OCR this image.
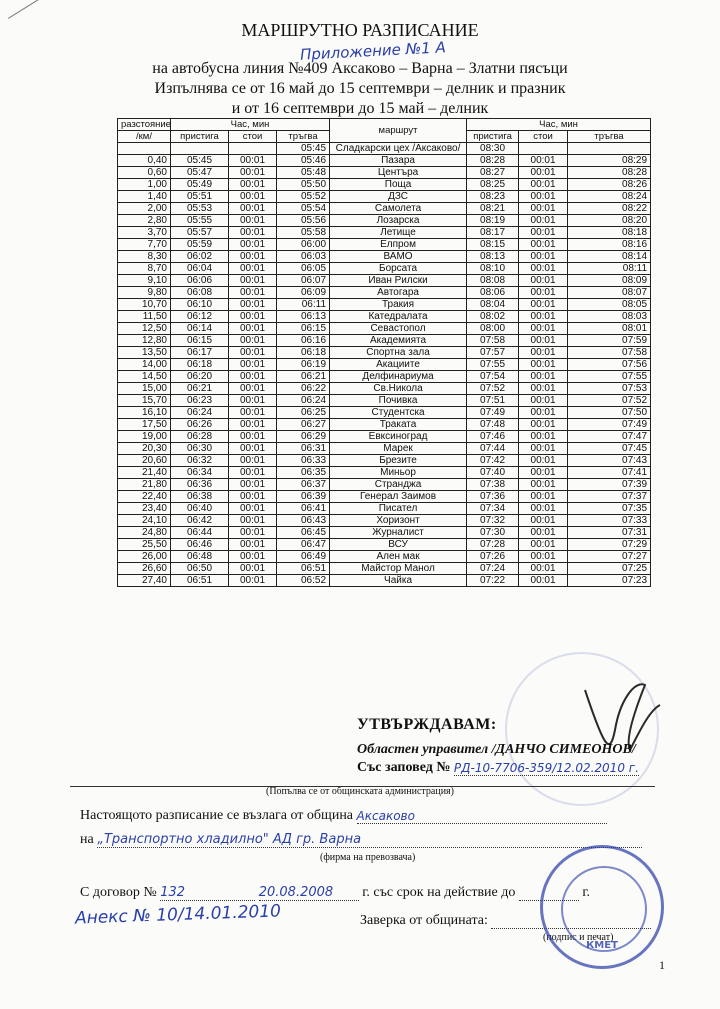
МАРШРУТНО РАЗПИСАНИЕ
Приложение №1 А
на автобусна линия №409 Аксаково – Варна – Златни пясъци
Изпълнява се от 16 май до 15 септември – делник и празник
и от 16 септември до 15 май – делник
разстояние	Час, мин			маршрут	Час, мин		
/км/	пристига	стои	тръгва		пристига	стои	тръгва
			05:45	Сладкарски цех /Аксаково/	08:30		
0,40	05:45	00:01	05:46	Пазара	08:28	00:01	08:29
0,60	05:47	00:01	05:48	Центъра	08:27	00:01	08:28
1,00	05:49	00:01	05:50	Поща	08:25	00:01	08:26
1,40	05:51	00:01	05:52	ДЗС	08:23	00:01	08:24
2,00	05:53	00:01	05:54	Самолета	08:21	00:01	08:22
2,80	05:55	00:01	05:56	Лозарска	08:19	00:01	08:20
3,70	05:57	00:01	05:58	Летище	08:17	00:01	08:18
7,70	05:59	00:01	06:00	Елпром	08:15	00:01	08:16
8,30	06:02	00:01	06:03	ВАМО	08:13	00:01	08:14
8,70	06:04	00:01	06:05	Борсата	08:10	00:01	08:11
9,10	06:06	00:01	06:07	Иван Рилски	08:08	00:01	08:09
9,80	06:08	00:01	06:09	Автогара	08:06	00:01	08:07
10,70	06:10	00:01	06:11	Тракия	08:04	00:01	08:05
11,50	06:12	00:01	06:13	Катедралата	08:02	00:01	08:03
12,50	06:14	00:01	06:15	Севастопол	08:00	00:01	08:01
12,80	06:15	00:01	06:16	Академията	07:58	00:01	07:59
13,50	06:17	00:01	06:18	Спортна зала	07:57	00:01	07:58
14,00	06:18	00:01	06:19	Акациите	07:55	00:01	07:56
14,50	06:20	00:01	06:21	Делфинариума	07:54	00:01	07:55
15,00	06:21	00:01	06:22	Св.Никола	07:52	00:01	07:53
15,70	06:23	00:01	06:24	Почивка	07:51	00:01	07:52
16,10	06:24	00:01	06:25	Студентска	07:49	00:01	07:50
17,50	06:26	00:01	06:27	Траката	07:48	00:01	07:49
19,00	06:28	00:01	06:29	Евксиноград	07:46	00:01	07:47
20,30	06:30	00:01	06:31	Марек	07:44	00:01	07:45
20,60	06:32	00:01	06:33	Брезите	07:42	00:01	07:43
21,40	06:34	00:01	06:35	Миньор	07:40	00:01	07:41
21,80	06:36	00:01	06:37	Странджа	07:38	00:01	07:39
22,40	06:38	00:01	06:39	Генерал Заимов	07:36	00:01	07:37
23,40	06:40	00:01	06:41	Писател	07:34	00:01	07:35
24,10	06:42	00:01	06:43	Хоризонт	07:32	00:01	07:33
24,80	06:44	00:01	06:45	Журналист	07:30	00:01	07:31
25,50	06:46	00:01	06:47	ВСУ	07:28	00:01	07:29
26,00	06:48	00:01	06:49	Ален мак	07:26	00:01	07:27
26,60	06:50	00:01	06:51	Майстор Манол	07:24	00:01	07:25
27,40	06:51	00:01	06:52	Чайка	07:22	00:01	07:23
УТВЪРЖДАВАМ:
Областен управител /ДАНЧО СИМЕОНОВ/
Със заповед № РД-10-7706-359/12.02.2010 г.
(Попълва се от общинската администрация)
Настоящото разписание се възлага от община Аксаково
на „Транспортно хладилно" АД гр. Варна
(фирма на превозвача)
С договор № 132	20.08.2008 г. със срок на действие до	г.
Анекс № 10/14.01.2010	Заверка от общината:
(подпис и печат)
КМЕТ
1
